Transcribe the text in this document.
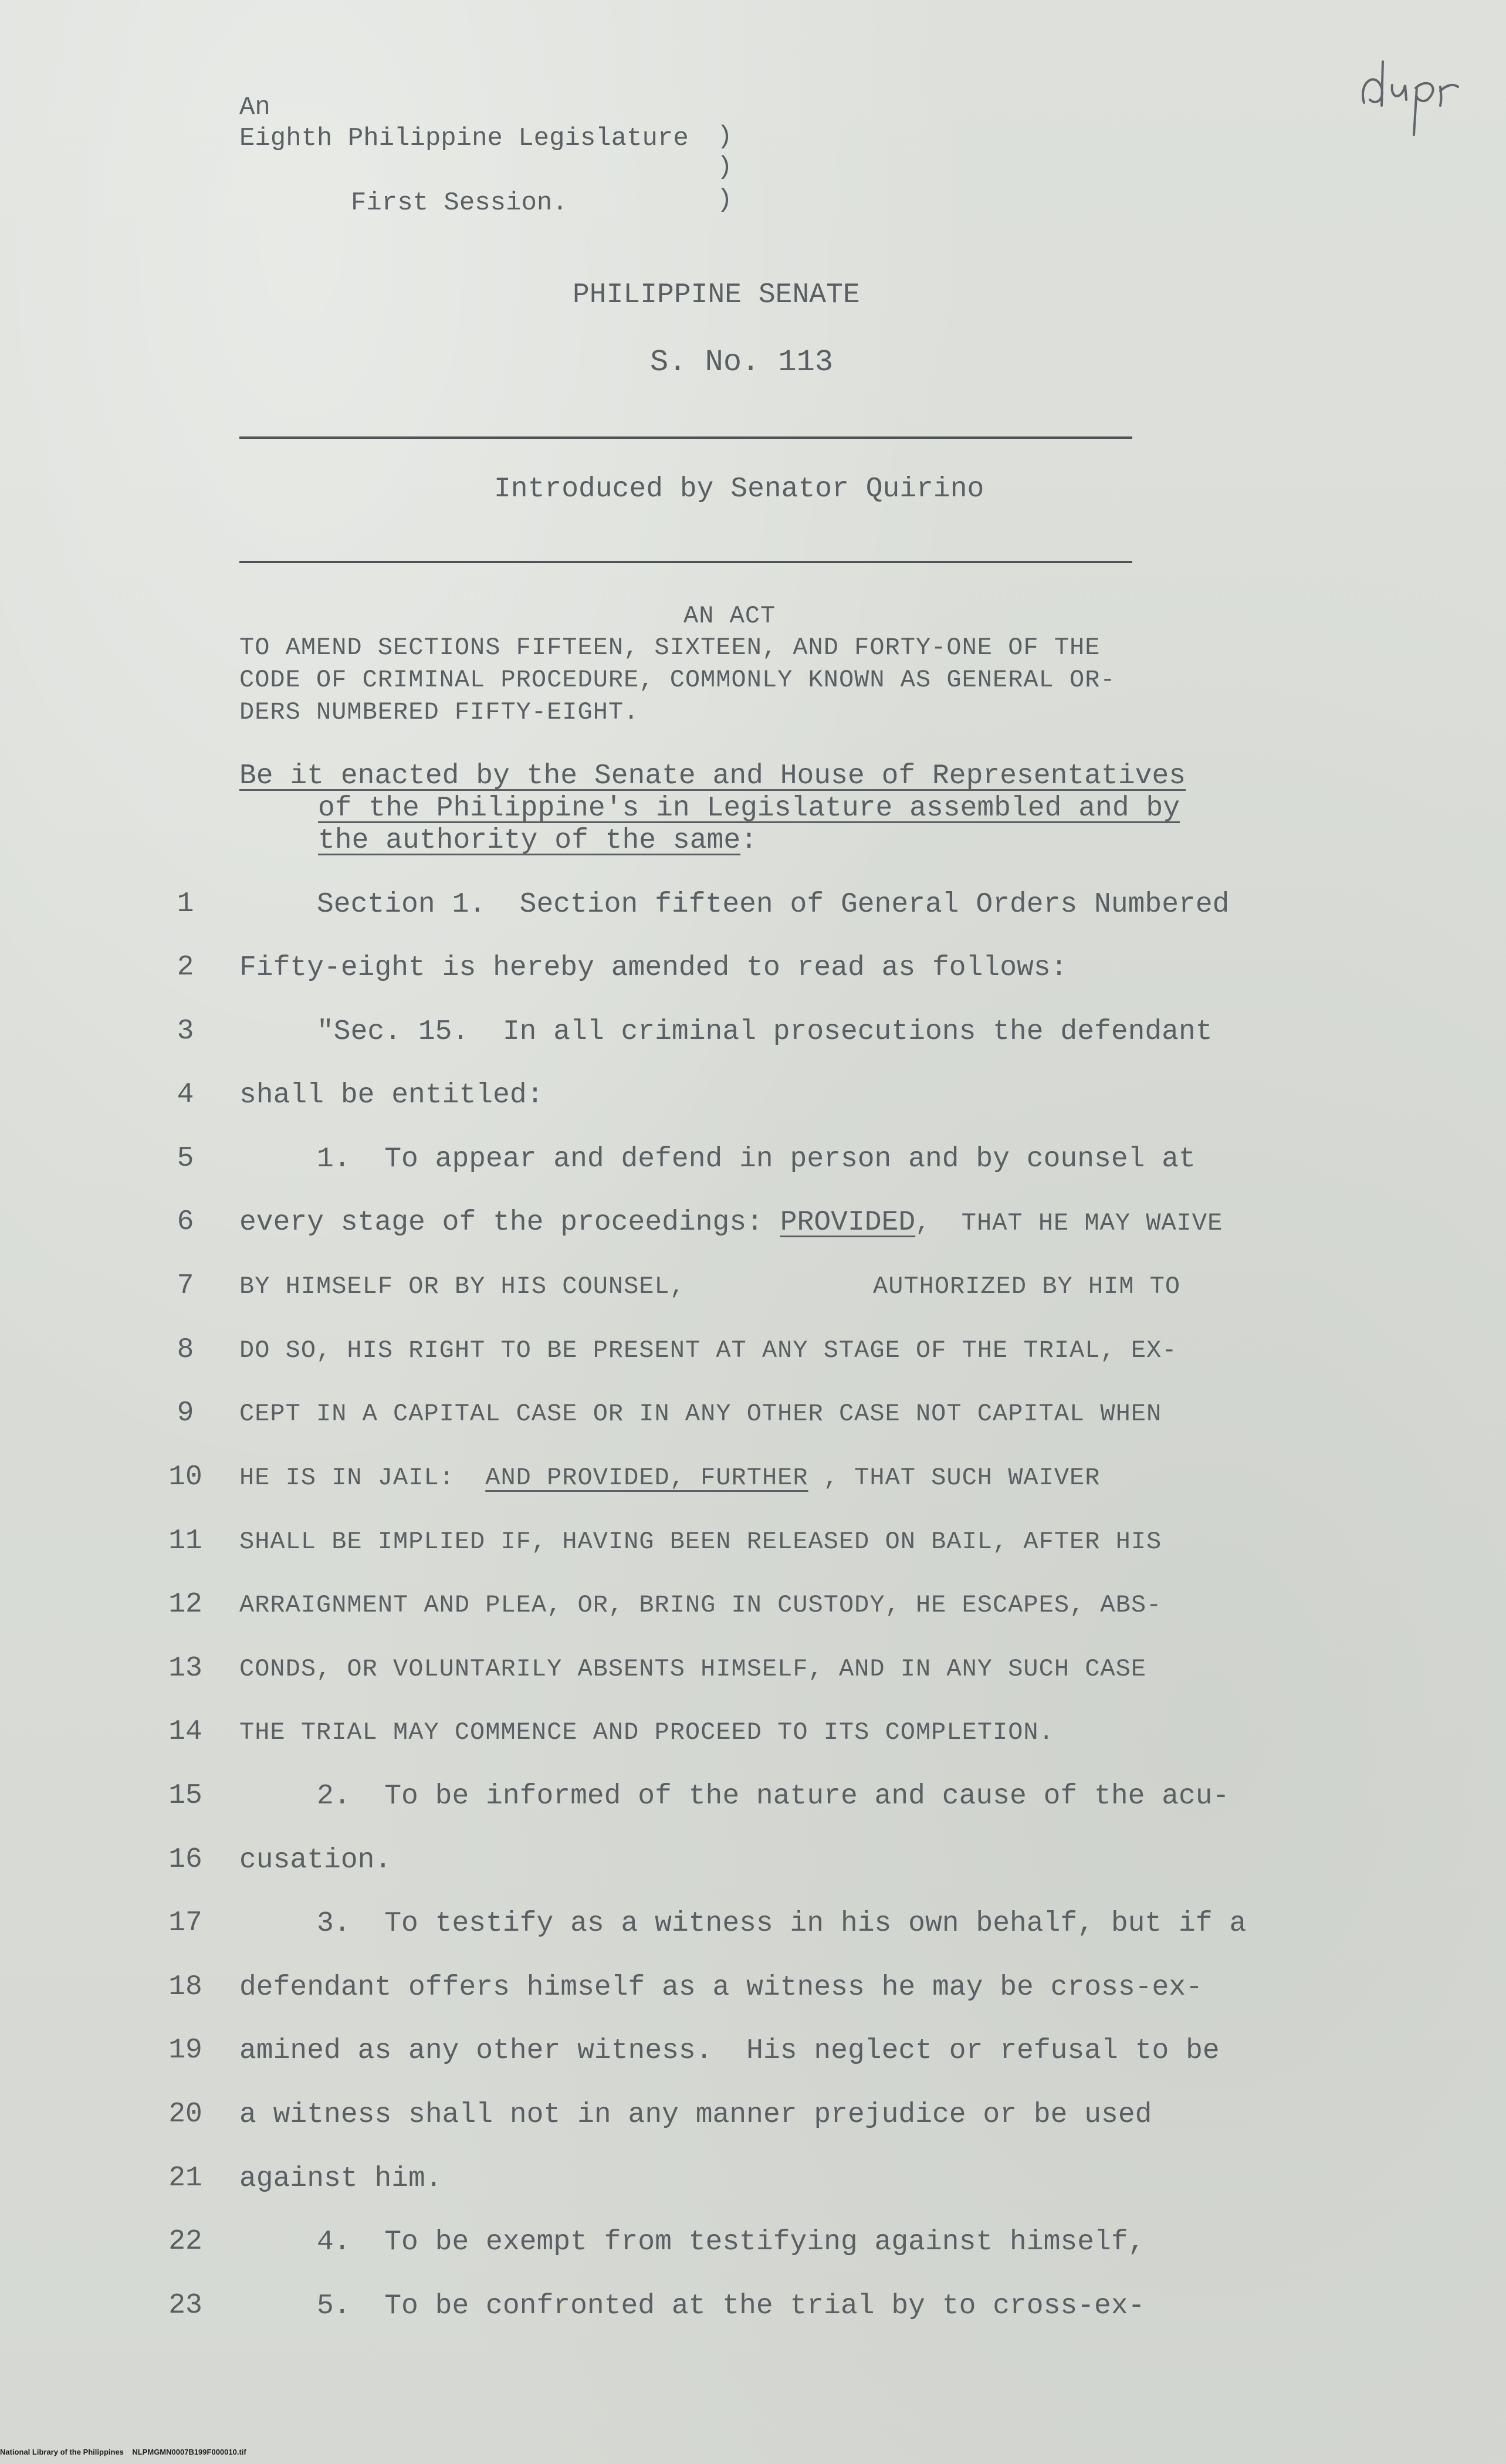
An
Eighth Philippine Legislature
First Session.
)
)
)
dupr
PHILIPPINE SENATE
S. No. 113
Introduced by Senator Quirino
AN ACT
TO AMEND SECTIONS FIFTEEN, SIXTEEN, AND FORTY-ONE OF THE
CODE OF CRIMINAL PROCEDURE, COMMONLY KNOWN AS GENERAL OR-
DERS NUMBERED FIFTY-EIGHT.
Be it enacted by the Senate and House of Representatives
of the Philippine's in Legislature assembled and by
the authority of the same:
1
2
3
4
5
6
7
8
9
10
11
12
13
14
15
16
17
18
19
20
21
22
23
Section 1.  Section fifteen of General Orders Numbered
Fifty-eight is hereby amended to read as follows:
"Sec. 15.  In all criminal prosecutions the defendant
shall be entitled:
1.  To appear and defend in person and by counsel at
every stage of the proceedings: PROVIDED,  THAT HE MAY WAIVE
BY HIMSELF OR BY HIS COUNSEL,	AUTHORIZED BY HIM TO
DO SO, HIS RIGHT TO BE PRESENT AT ANY STAGE OF THE TRIAL, EX-
CEPT IN A CAPITAL CASE OR IN ANY OTHER CASE NOT CAPITAL WHEN
HE IS IN JAIL:  AND PROVIDED, FURTHER , THAT SUCH WAIVER
SHALL BE IMPLIED IF, HAVING BEEN RELEASED ON BAIL, AFTER HIS
ARRAIGNMENT AND PLEA, OR, BRING IN CUSTODY, HE ESCAPES, ABS-
CONDS, OR VOLUNTARILY ABSENTS HIMSELF, AND IN ANY SUCH CASE
THE TRIAL MAY COMMENCE AND PROCEED TO ITS COMPLETION.
2.  To be informed of the nature and cause of the acu-
cusation.
3.  To testify as a witness in his own behalf, but if a
defendant offers himself as a witness he may be cross-ex-
amined as any other witness.  His neglect or refusal to be
a witness shall not in any manner prejudice or be used
against him.
4.  To be exempt from testifying against himself,
5.  To be confronted at the trial by to cross-ex-
National Library of the Philippines    NLPMGMN0007B199F000010.tif
